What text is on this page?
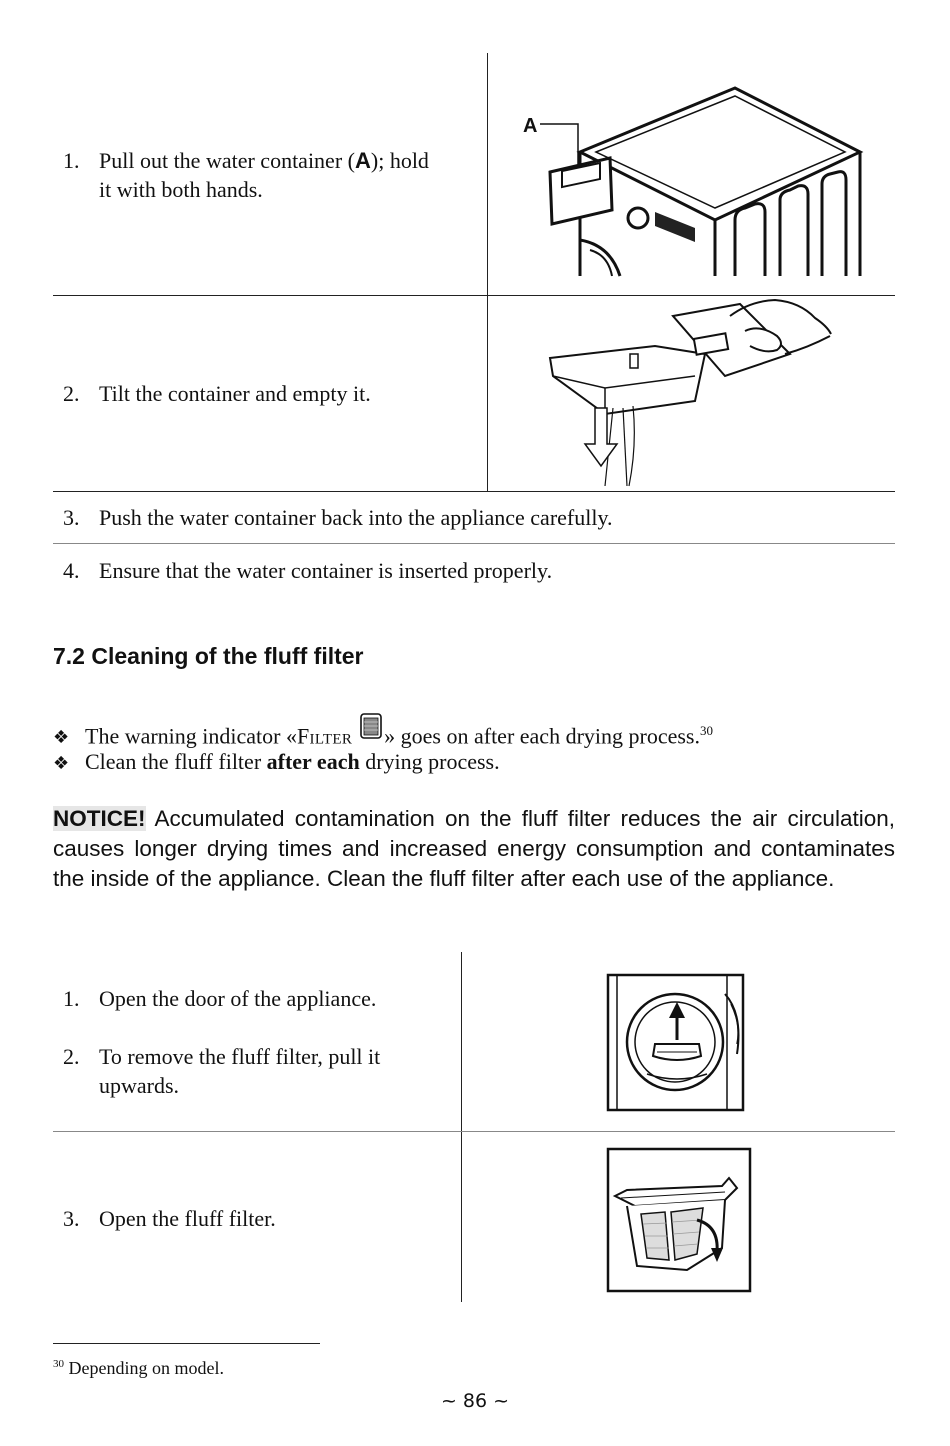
1. Pull out the water container (A); hold
it with both hands.
A
2. Tilt the container and empty it.
3. Push the water container back into the appliance carefully.
4. Ensure that the water container is inserted properly.
7.2 Cleaning of the fluff filter
❖ The warning indicator «Filter » goes on after each drying process.$^{30}$
❖ Clean the fluff filter after each drying process.
NOTICE! Accumulated contamination on the fluff filter reduces the air circulation, causes longer drying times and increased energy consumption and contaminates the inside of the appliance. Clean the fluff filter after each use of the appliance.
1. Open the door of the appliance.
2. To remove the fluff filter, pull it
upwards.
3. Open the fluff filter.
$^{30}$ Depending on model.
~ 86 ~
